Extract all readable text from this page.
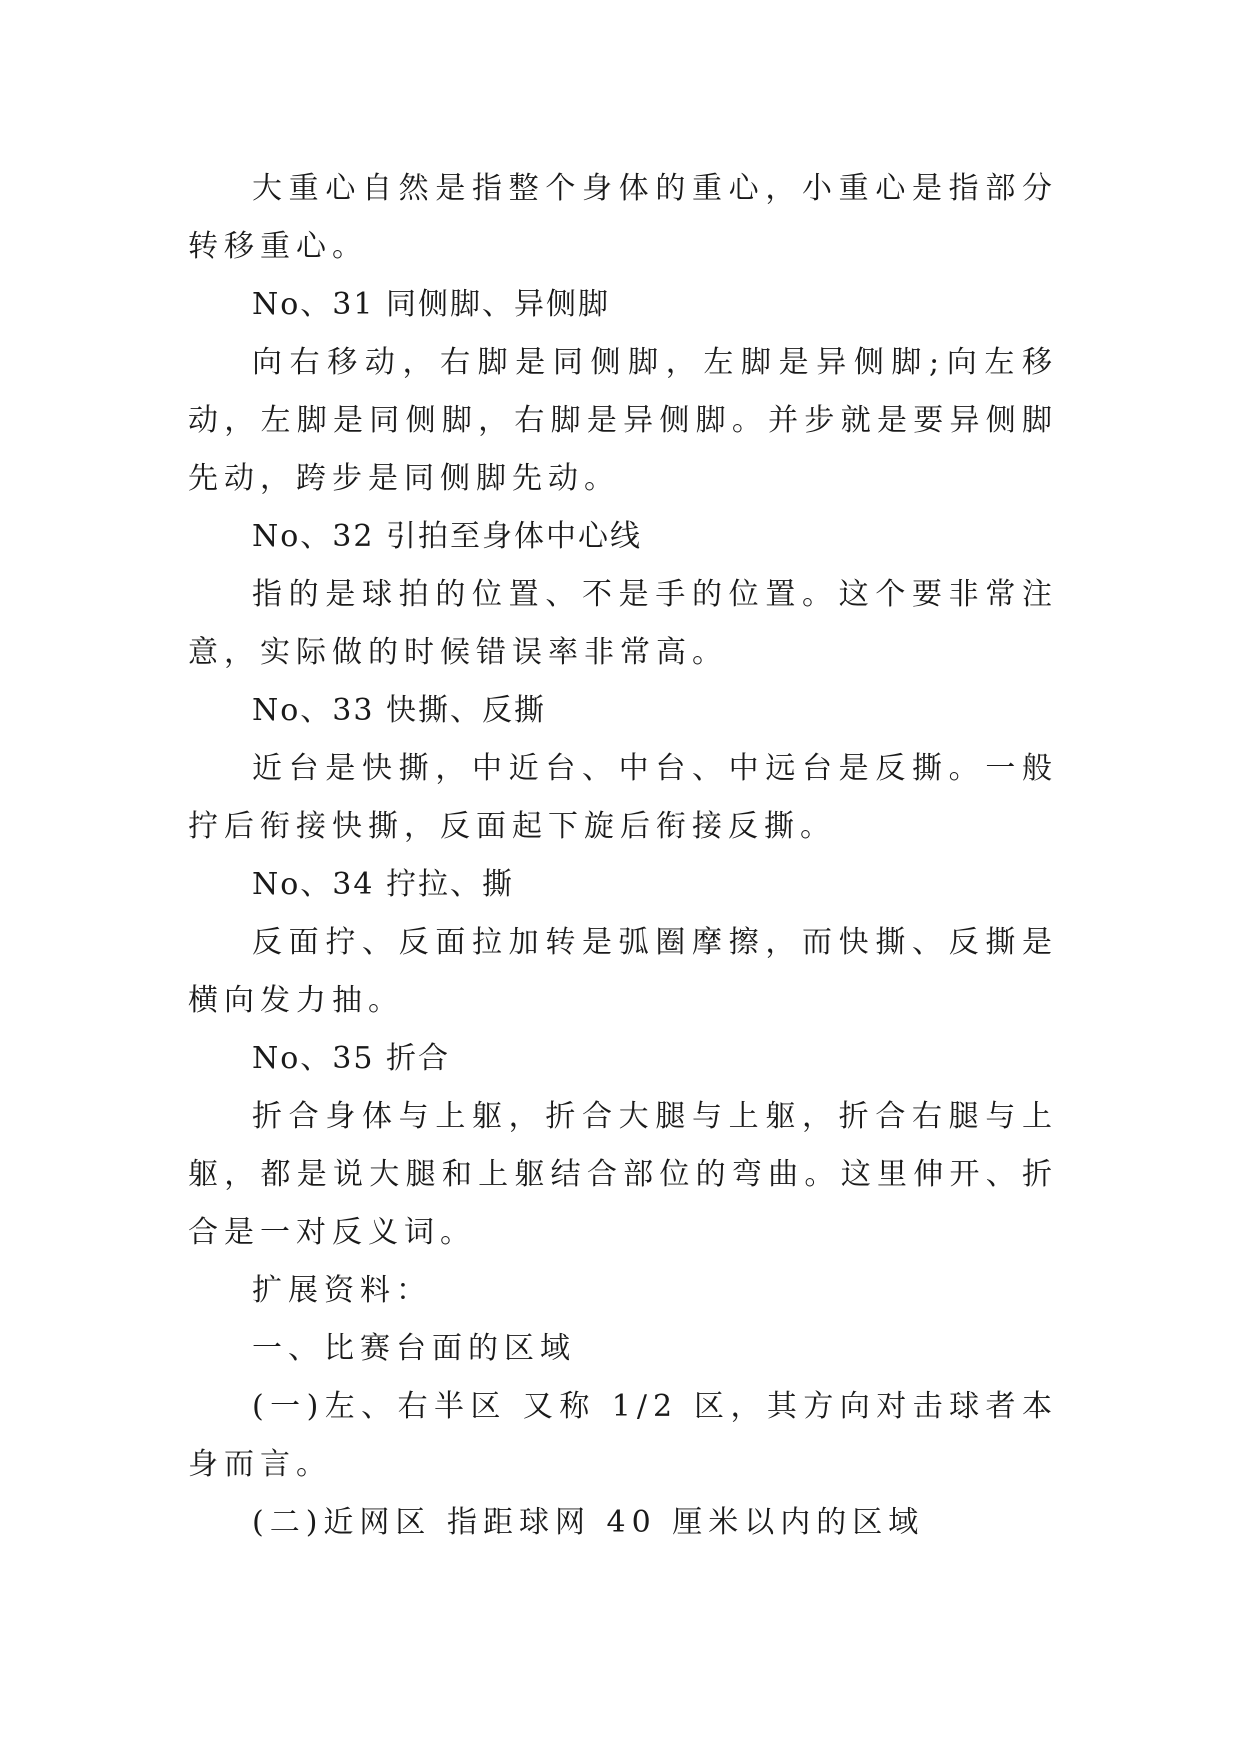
大重心自然是指整个身体的重心，小重心是指部分转移重心。

No、31 同侧脚、异侧脚

向右移动，右脚是同侧脚，左脚是异侧脚;向左移动，左脚是同侧脚，右脚是异侧脚。并步就是要异侧脚先动，跨步是同侧脚先动。

No、32 引拍至身体中心线

指的是球拍的位置、不是手的位置。这个要非常注意，实际做的时候错误率非常高。

No、33 快撕、反撕

近台是快撕，中近台、中台、中远台是反撕。一般拧后衔接快撕，反面起下旋后衔接反撕。

No、34 拧拉、撕

反面拧、反面拉加转是弧圈摩擦，而快撕、反撕是横向发力抽。

No、35 折合

折合身体与上躯，折合大腿与上躯，折合右腿与上躯，都是说大腿和上躯结合部位的弯曲。这里伸开、折合是一对反义词。

扩展资料：

一、比赛台面的区域

(一)左、右半区 又称 1/2 区，其方向对击球者本身而言。

(二)近网区 指距球网 40 厘米以内的区域
